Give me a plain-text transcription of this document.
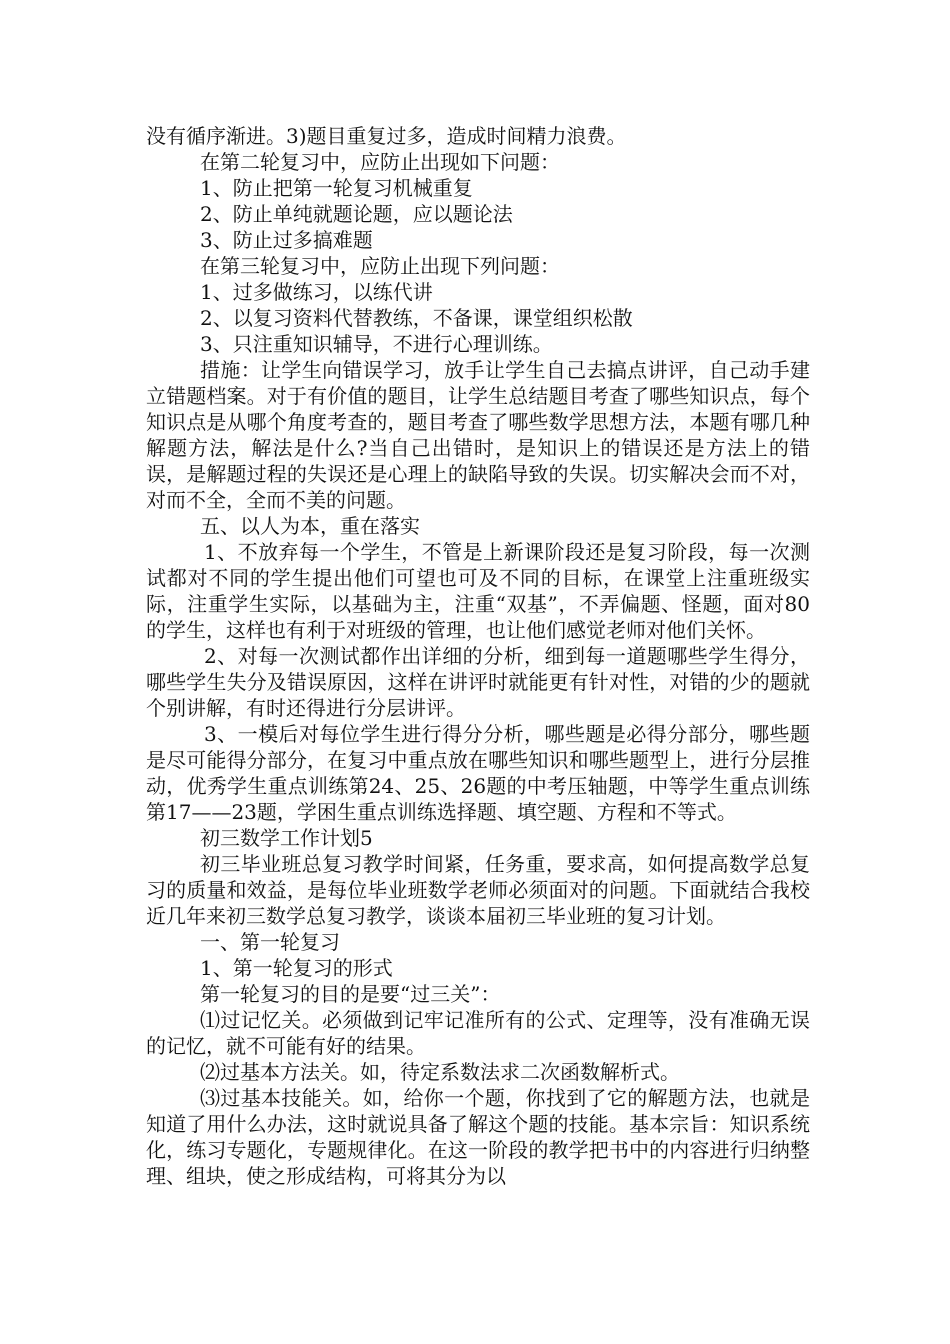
没有循序渐进。3)题目重复过多，造成时间精力浪费。

在第二轮复习中，应防止出现如下问题：

1、防止把第一轮复习机械重复

2、防止单纯就题论题，应以题论法

3、防止过多搞难题

在第三轮复习中，应防止出现下列问题：

1、过多做练习，以练代讲

2、以复习资料代替教练，不备课，课堂组织松散

3、只注重知识辅导，不进行心理训练。

措施：让学生向错误学习，放手让学生自己去搞点讲评，自己动手建立错题档案。对于有价值的题目，让学生总结题目考查了哪些知识点，每个知识点是从哪个角度考查的，题目考查了哪些数学思想方法，本题有哪几种解题方法，解法是什么?当自己出错时，是知识上的错误还是方法上的错误，是解题过程的失误还是心理上的缺陷导致的失误。切实解决会而不对，对而不全，全而不美的问题。

五、以人为本，重在落实

1、不放弃每一个学生，不管是上新课阶段还是复习阶段，每一次测试都对不同的学生提出他们可望也可及不同的目标，在课堂上注重班级实际，注重学生实际，以基础为主，注重“双基”，不弄偏题、怪题，面对80的学生，这样也有利于对班级的管理，也让他们感觉老师对他们关怀。

2、对每一次测试都作出详细的分析，细到每一道题哪些学生得分，哪些学生失分及错误原因，这样在讲评时就能更有针对性，对错的少的题就个别讲解，有时还得进行分层讲评。

3、一模后对每位学生进行得分分析，哪些题是必得分部分，哪些题是尽可能得分部分，在复习中重点放在哪些知识和哪些题型上，进行分层推动，优秀学生重点训练第24、25、26题的中考压轴题，中等学生重点训练第17——23题，学困生重点训练选择题、填空题、方程和不等式。

初三数学工作计划5

初三毕业班总复习教学时间紧，任务重，要求高，如何提高数学总复习的质量和效益，是每位毕业班数学老师必须面对的问题。下面就结合我校近几年来初三数学总复习教学，谈谈本届初三毕业班的复习计划。

一、第一轮复习

1、第一轮复习的形式

第一轮复习的目的是要“过三关”：

⑴过记忆关。必须做到记牢记准所有的公式、定理等，没有准确无误的记忆，就不可能有好的结果。

⑵过基本方法关。如，待定系数法求二次函数解析式。

⑶过基本技能关。如，给你一个题，你找到了它的解题方法，也就是知道了用什么办法，这时就说具备了解这个题的技能。基本宗旨：知识系统化，练习专题化，专题规律化。在这一阶段的教学把书中的内容进行归纳整理、组块，使之形成结构，可将其分为以
